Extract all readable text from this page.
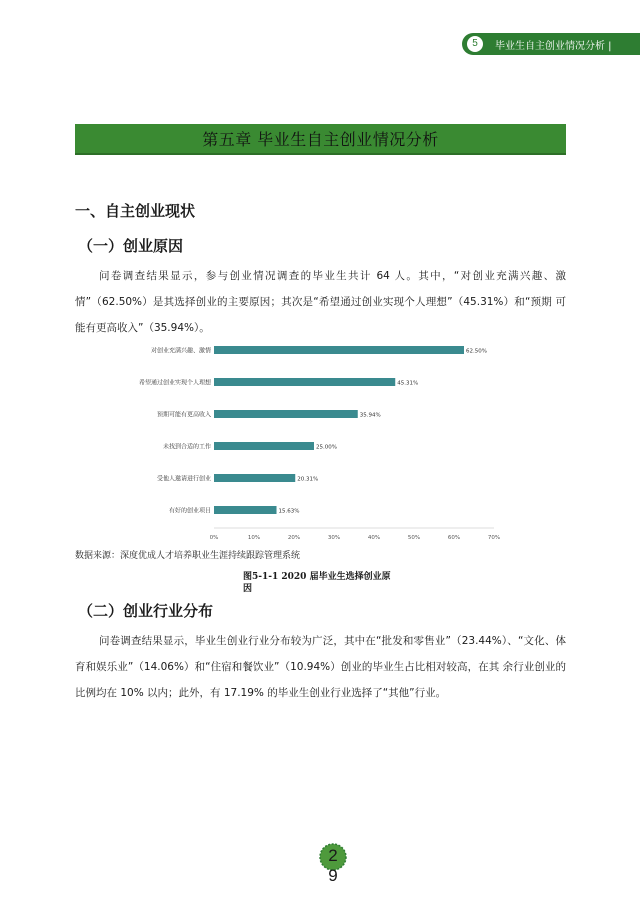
5	毕业生自主创业情况分析 |
第五章 毕业生自主创业情况分析
一、自主创业现状
（一）创业原因
问卷调查结果显示，参与创业情况调查的毕业生共计 64 人。其中，“对创业充满兴趣、激情”（62.50%）是其选择创业的主要原因；其次是“希望通过创业实现个人理想”（45.31%）和“预期 可能有更高收入”（35.94%）。
对创业充满兴趣、激情	62.50%
希望通过创业实现个人理想	45.31%
预期可能有更高收入	35.94%
未找到合适的工作	25.00%
受他人邀请进行创业	20.31%
有好的创业项目	15.63%
0%	10%	20%	30%	40%	50%	60%	70%
数据来源：深度优成人才培养职业生涯持续跟踪管理系统
图5-1-1 2020 届毕业生选择创业原因
（二）创业行业分布
问卷调查结果显示，毕业生创业行业分布较为广泛，其中在“批发和零售业”（23.44%）、“文化、体育和娱乐业”（14.06%）和“住宿和餐饮业”（10.94%）创业的毕业生占比相对较高，在其 余行业创业的比例均在 10% 以内；此外，有 17.19% 的毕业生创业行业选择了“其他”行业。
2
9
